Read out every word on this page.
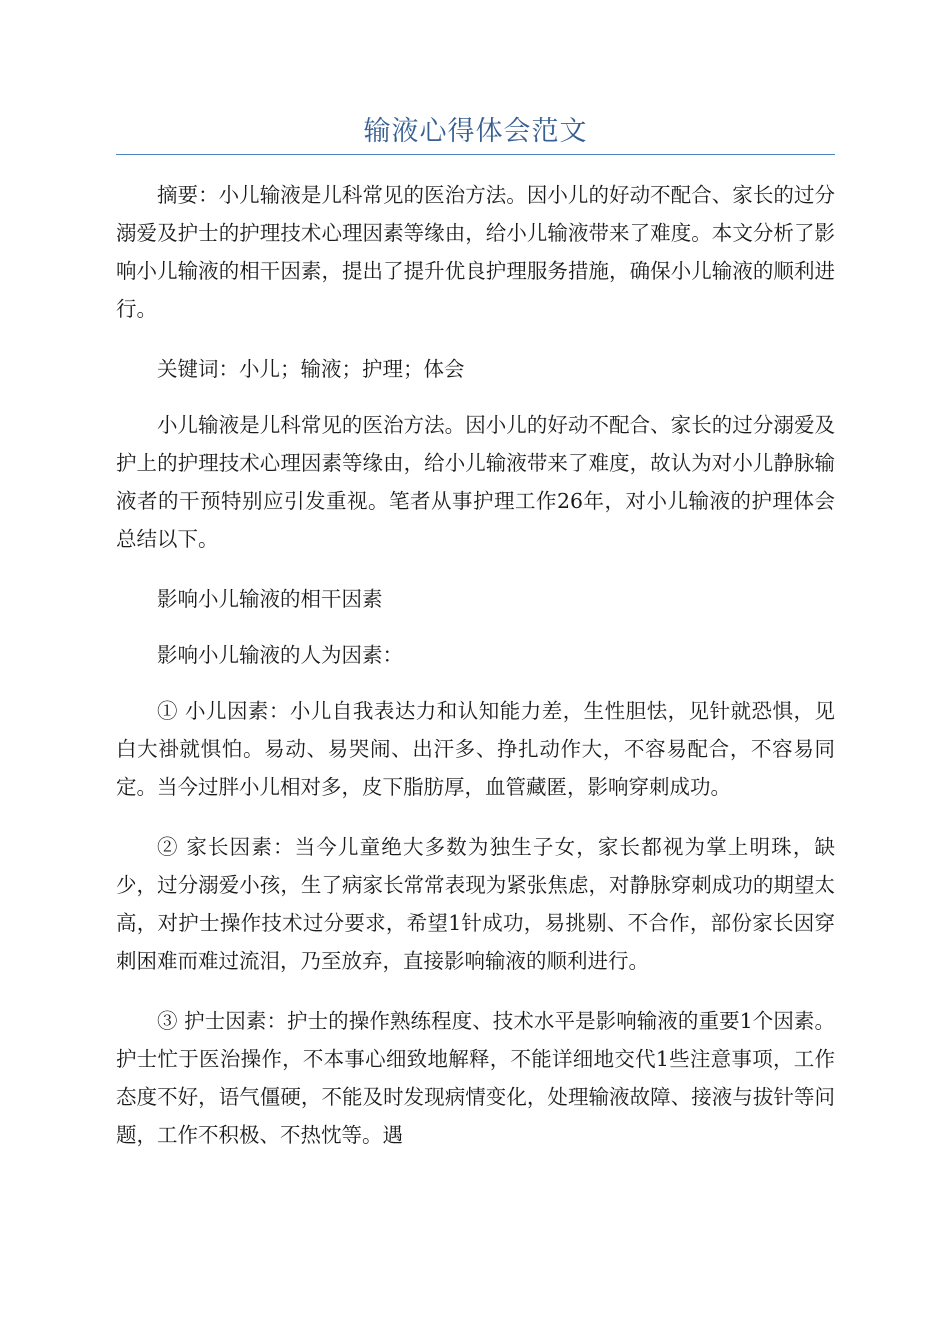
输液心得体会范文

摘要：小儿输液是儿科常见的医治方法。因小儿的好动不配合、家长的过分溺爱及护士的护理技术心理因素等缘由，给小儿输液带来了难度。本文分析了影响小儿输液的相干因素，提出了提升优良护理服务措施，确保小儿输液的顺利进行。

关键词：小儿；输液；护理；体会

小儿输液是儿科常见的医治方法。因小儿的好动不配合、家长的过分溺爱及护上的护理技术心理因素等缘由，给小儿输液带来了难度，故认为对小儿静脉输液者的干预特别应引发重视。笔者从事护理工作26年，对小儿输液的护理体会总结以下。

影响小儿输液的相干因素

影响小儿输液的人为因素：

① 小儿因素：小儿自我表达力和认知能力差，生性胆怯，见针就恐惧，见白大褂就惧怕。易动、易哭闹、出汗多、挣扎动作大，不容易配合，不容易同定。当今过胖小儿相对多，皮下脂肪厚，血管藏匿，影响穿刺成功。

② 家长因素：当今儿童绝大多数为独生子女，家长都视为掌上明珠，缺少，过分溺爱小孩，生了病家长常常表现为紧张焦虑，对静脉穿刺成功的期望太高，对护士操作技术过分要求，希望1针成功，易挑剔、不合作，部份家长因穿刺困难而难过流泪，乃至放弃，直接影响输液的顺利进行。

③ 护士因素：护士的操作熟练程度、技术水平是影响输液的重要1个因素。护士忙于医治操作，不本事心细致地解释，不能详细地交代1些注意事项，工作态度不好，语气僵硬，不能及时发现病情变化，处理输液故障、接液与拔针等问题，工作不积极、不热忱等。遇
